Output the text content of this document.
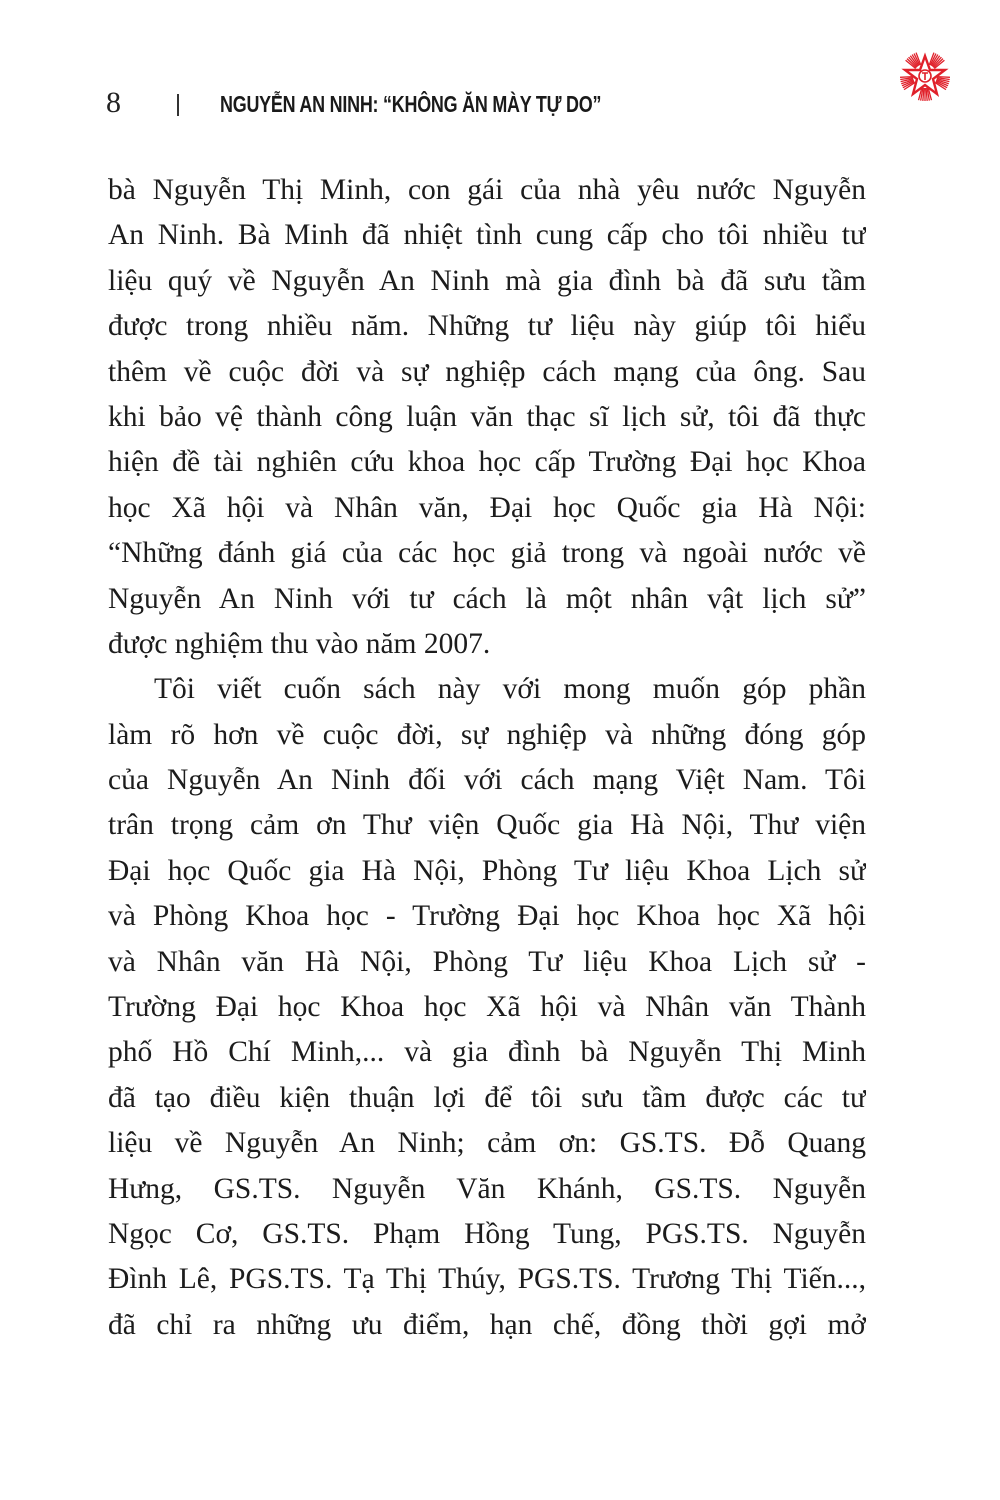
8	NGUYỄN AN NINH: “KHÔNG ĂN MÀY TỰ DO”
bà Nguyễn Thị Minh, con gái của nhà yêu nước Nguyễn
An Ninh. Bà Minh đã nhiệt tình cung cấp cho tôi nhiều tư
liệu quý về Nguyễn An Ninh mà gia đình bà đã sưu tầm
được trong nhiều năm. Những tư liệu này giúp tôi hiểu
thêm về cuộc đời và sự nghiệp cách mạng của ông. Sau
khi bảo vệ thành công luận văn thạc sĩ lịch sử, tôi đã thực
hiện đề tài nghiên cứu khoa học cấp Trường Đại học Khoa
học Xã hội và Nhân văn, Đại học Quốc gia Hà Nội:
“Những đánh giá của các học giả trong và ngoài nước về
Nguyễn An Ninh với tư cách là một nhân vật lịch sử”
được nghiệm thu vào năm 2007.
Tôi viết cuốn sách này với mong muốn góp phần
làm rõ hơn về cuộc đời, sự nghiệp và những đóng góp
của Nguyễn An Ninh đối với cách mạng Việt Nam. Tôi
trân trọng cảm ơn Thư viện Quốc gia Hà Nội, Thư viện
Đại học Quốc gia Hà Nội, Phòng Tư liệu Khoa Lịch sử
và Phòng Khoa học - Trường Đại học Khoa học Xã hội
và Nhân văn Hà Nội, Phòng Tư liệu Khoa Lịch sử -
Trường Đại học Khoa học Xã hội và Nhân văn Thành
phố Hồ Chí Minh,... và gia đình bà Nguyễn Thị Minh
đã tạo điều kiện thuận lợi để tôi sưu tầm được các tư
liệu về Nguyễn An Ninh; cảm ơn: GS.TS. Đỗ Quang
Hưng, GS.TS. Nguyễn Văn Khánh, GS.TS. Nguyễn
Ngọc Cơ, GS.TS. Phạm Hồng Tung, PGS.TS. Nguyễn
Đình Lê, PGS.TS. Tạ Thị Thúy, PGS.TS. Trương Thị Tiến...,
đã chỉ ra những ưu điểm, hạn chế, đồng thời gợi mở
